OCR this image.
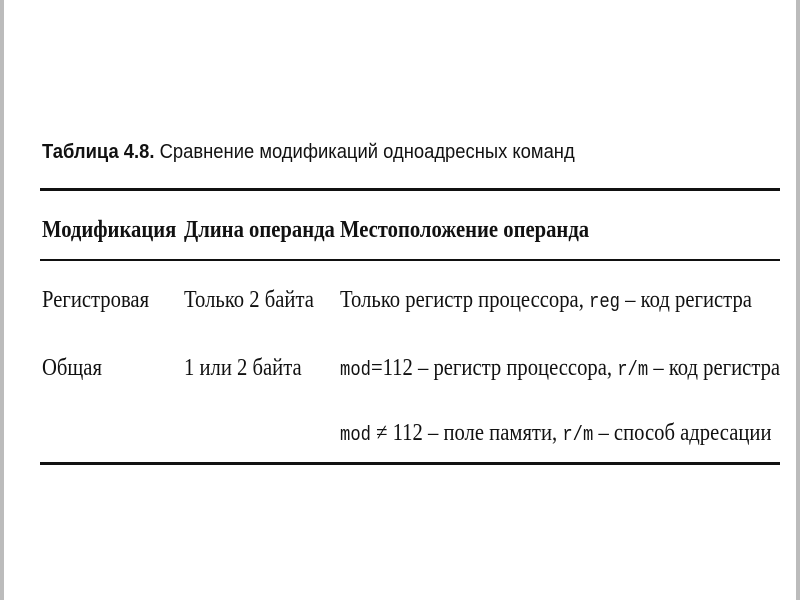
Таблица 4.8. Сравнение модификаций одноадресных команд
Модификация Длина операнда Местоположение операнда
Регистровая Только 2 байта Только регистр процессора, reg – код регистра
Общая	1 или 2 байта mod=112 – регистр процессора, r/m – код регистра
mod ≠ 112 – поле памяти, r/m – способ адресации
